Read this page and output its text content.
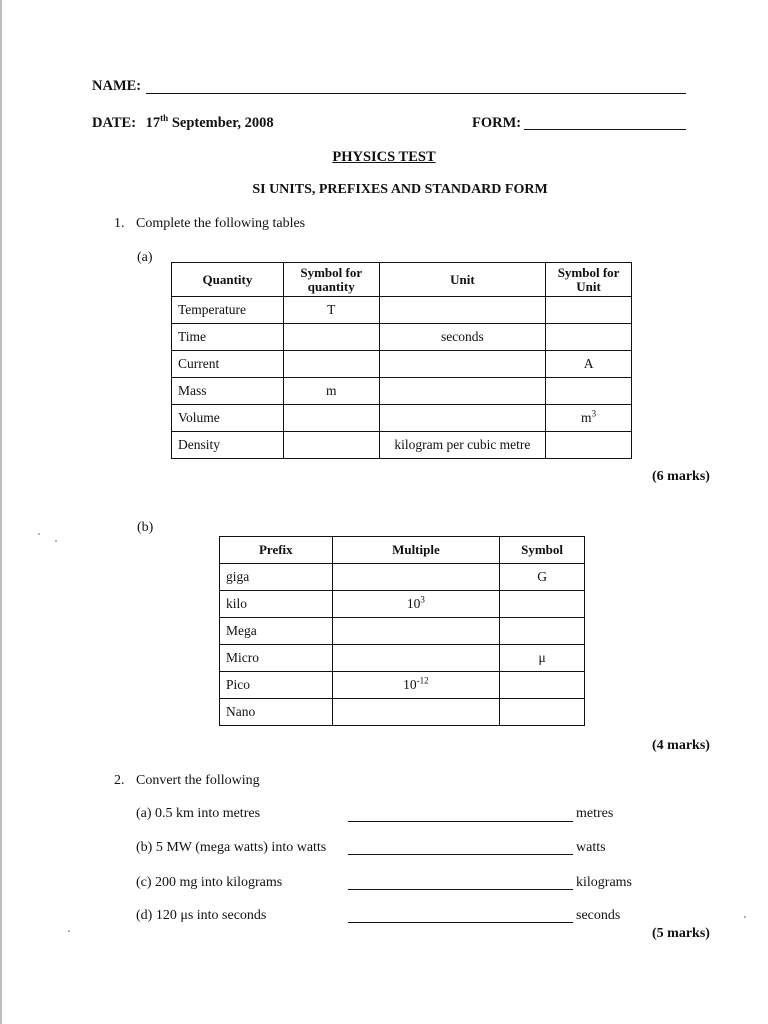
NAME:
DATE: 17th September, 2008	FORM:
PHYSICS TEST
SI UNITS, PREFIXES AND STANDARD FORM
1. Complete the following tables
(a)
Quantity	Symbol for quantity	Unit	Symbol for Unit
Temperature	T		
Time		seconds	
Current			A
Mass	m		
Volume			$m^3$
Density		kilogram per cubic metre	
(6 marks)
(b)
Prefix	Multiple	Symbol
giga		G
kilo	$10^3$	
Mega		
Micro		μ
Pico	$10^{-12}$	
Nano		
(4 marks)
2. Convert the following
(a) 0.5 km into metres	metres
(b) 5 MW (mega watts) into watts	watts
(c) 200 mg into kilograms	kilograms
(d) 120 μs into seconds	seconds
(5 marks)
